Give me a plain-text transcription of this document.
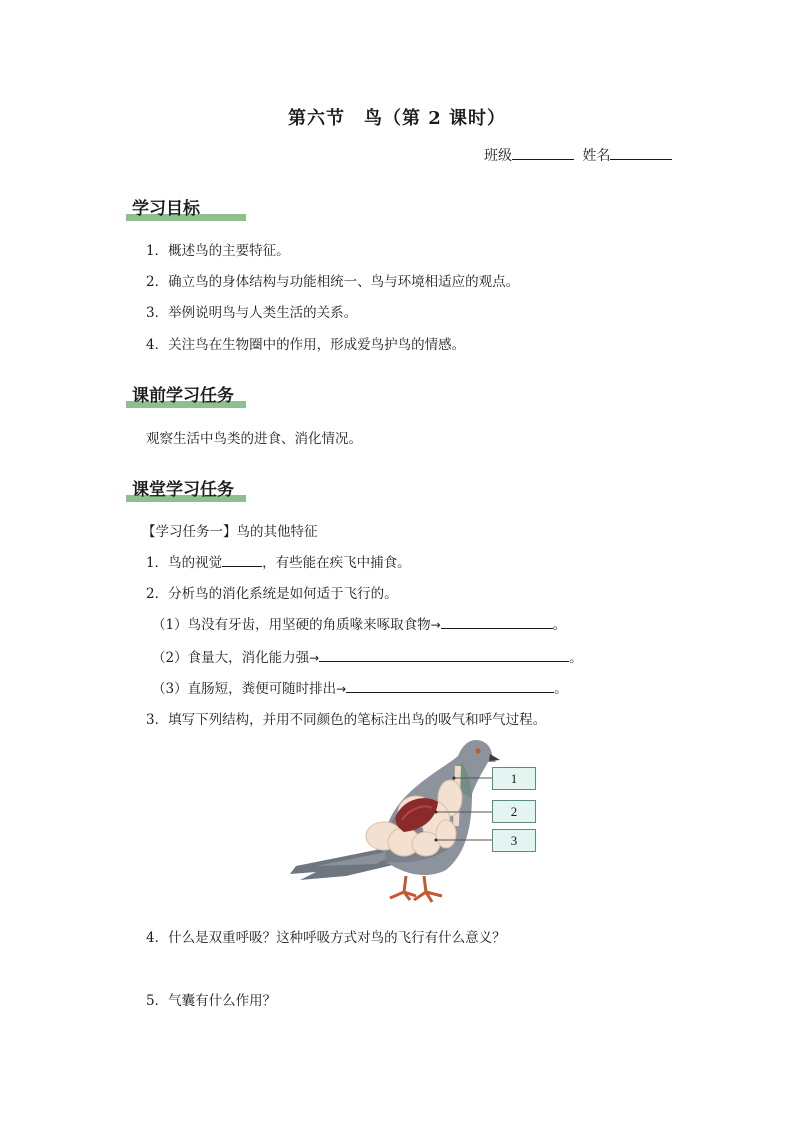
第六节　鸟（第 2 课时）
班级	姓名
学习目标
1．概述鸟的主要特征。
2．确立鸟的身体结构与功能相统一、鸟与环境相适应的观点。
3．举例说明鸟与人类生活的关系。
4．关注鸟在生物圈中的作用，形成爱鸟护鸟的情感。
课前学习任务
观察生活中鸟类的进食、消化情况。
课堂学习任务
【学习任务一】鸟的其他特征
1．鸟的视觉	，有些能在疾飞中捕食。
2．分析鸟的消化系统是如何适于飞行的。
（1）鸟没有牙齿，用坚硬的角质喙来啄取食物→	。
（2）食量大，消化能力强→	。
（3）直肠短，粪便可随时排出→	。
3．填写下列结构，并用不同颜色的笔标注出鸟的吸气和呼气过程。
1
2
3
4．什么是双重呼吸？这种呼吸方式对鸟的飞行有什么意义？
5．气囊有什么作用？
